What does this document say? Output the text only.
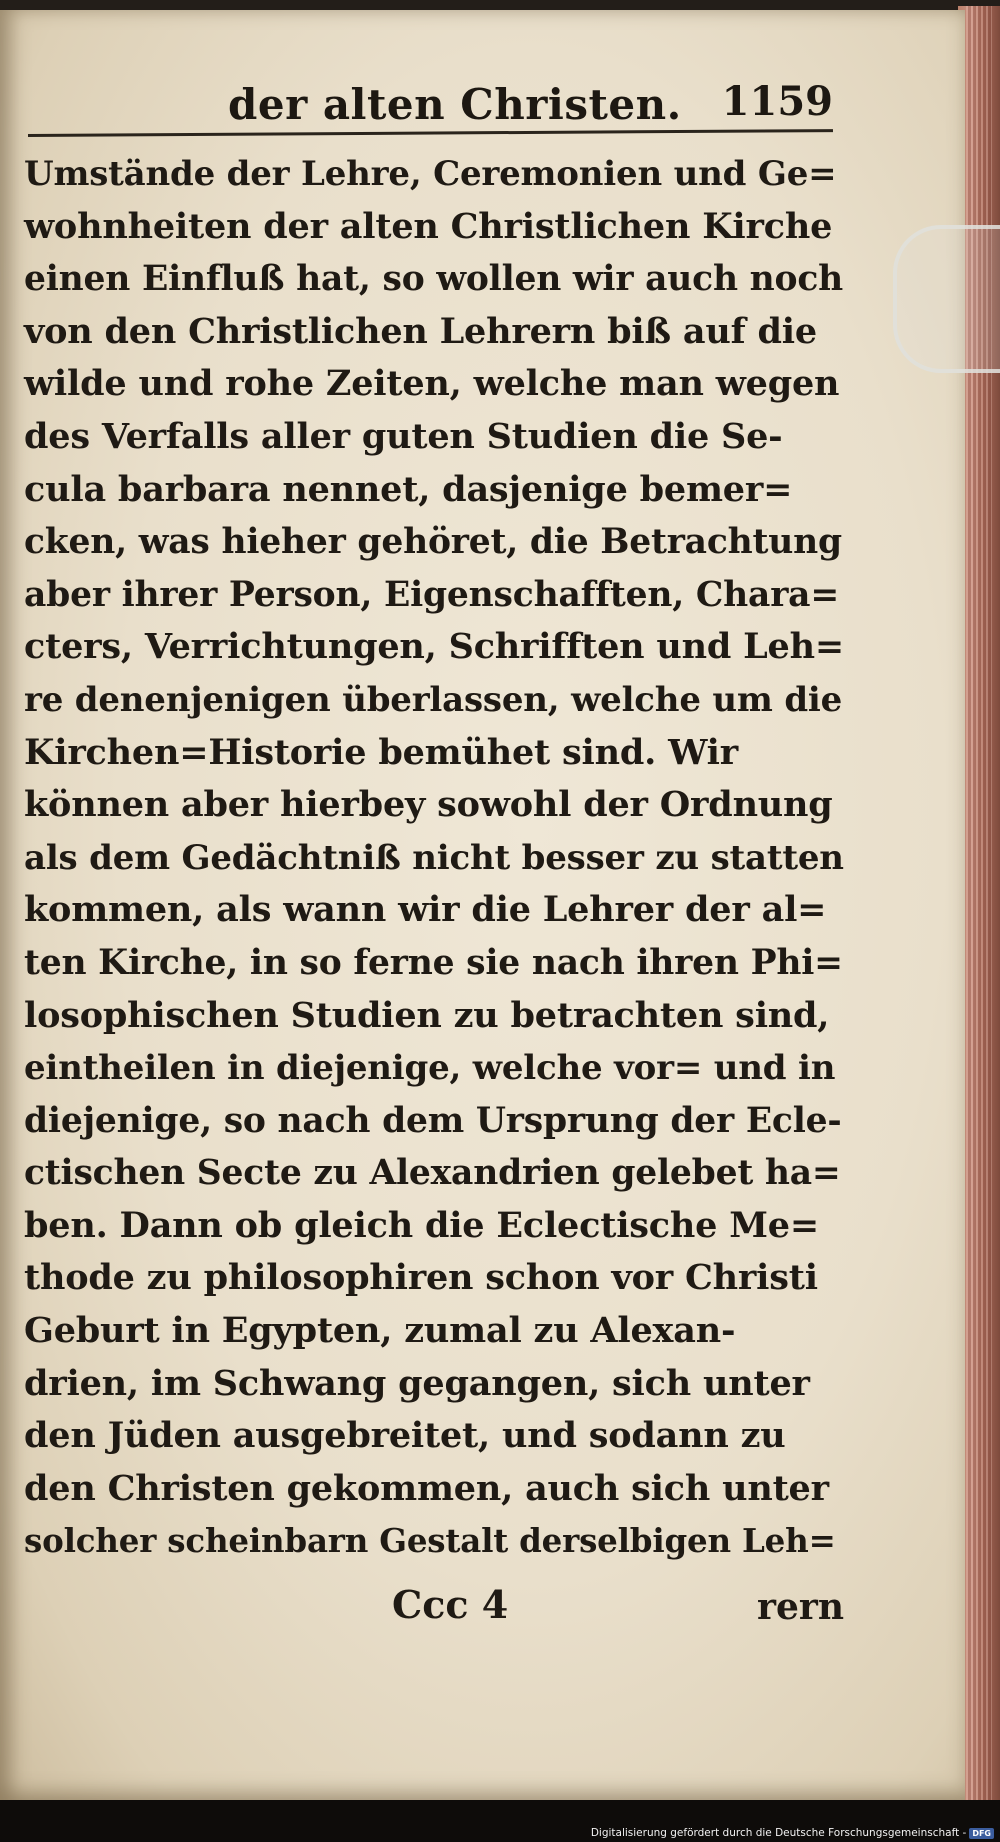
der alten Christen. 1159
Umstände der Lehre, Ceremonien und Ge=
wohnheiten der alten Christlichen Kirche
einen Einfluß hat, so wollen wir auch noch
von den Christlichen Lehrern biß auf die
wilde und rohe Zeiten, welche man wegen
des Verfalls aller guten Studien die Se-
cula barbara nennet, dasjenige bemer=
cken, was hieher gehöret, die Betrachtung
aber ihrer Person, Eigenschafften, Chara=
cters, Verrichtungen, Schrifften und Leh=
re denenjenigen überlassen, welche um die
Kirchen=Historie bemühet sind. Wir
können aber hierbey sowohl der Ordnung
als dem Gedächtniß nicht besser zu statten
kommen, als wann wir die Lehrer der al=
ten Kirche, in so ferne sie nach ihren Phi=
losophischen Studien zu betrachten sind,
eintheilen in diejenige, welche vor= und in
diejenige, so nach dem Ursprung der Ecle-
ctischen Secte zu Alexandrien gelebet ha=
ben. Dann ob gleich die Eclectische Me=
thode zu philosophiren schon vor Christi
Geburt in Egypten, zumal zu Alexan-
drien, im Schwang gegangen, sich unter
den Jüden ausgebreitet, und sodann zu
den Christen gekommen, auch sich unter
solcher scheinbarn Gestalt derselbigen Leh=
Ccc 4	rern
Digitalisierung gefördert durch die Deutsche Forschungsgemeinschaft - DFG
